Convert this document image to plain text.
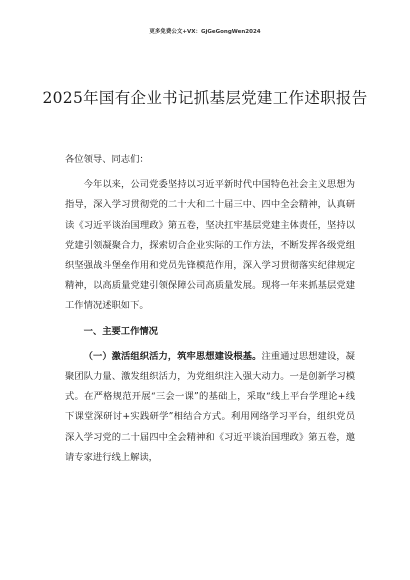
更多免费公文+VX：GjGeGongWen2024
2025年国有企业书记抓基层党建工作述职报告

各位领导、同志们：

今年以来，公司党委坚持以习近平新时代中国特色社会主义思想为指导，深入学习贯彻党的二十大和二十届三中、四中全会精神，认真研读《习近平谈治国理政》第五卷，坚决扛牢基层党建主体责任，坚持以党建引领凝聚合力，探索切合企业实际的工作方法，不断发挥各级党组织坚强战斗堡垒作用和党员先锋模范作用，深入学习贯彻落实纪律规定精神，以高质量党建引领保障公司高质量发展。现将一年来抓基层党建工作情况述职如下。

一、主要工作情况

（一）激活组织活力，筑牢思想建设根基。注重通过思想建设，凝聚团队力量、激发组织活力，为党组织注入强大动力。一是创新学习模式。在严格规范开展“三会一课”的基础上，采取“线上平台学理论+线下课堂深研讨+实践研学”相结合方式。利用网络学习平台，组织党员深入学习党的二十届四中全会精神和《习近平谈治国理政》第五卷，邀请专家进行线上解读，
